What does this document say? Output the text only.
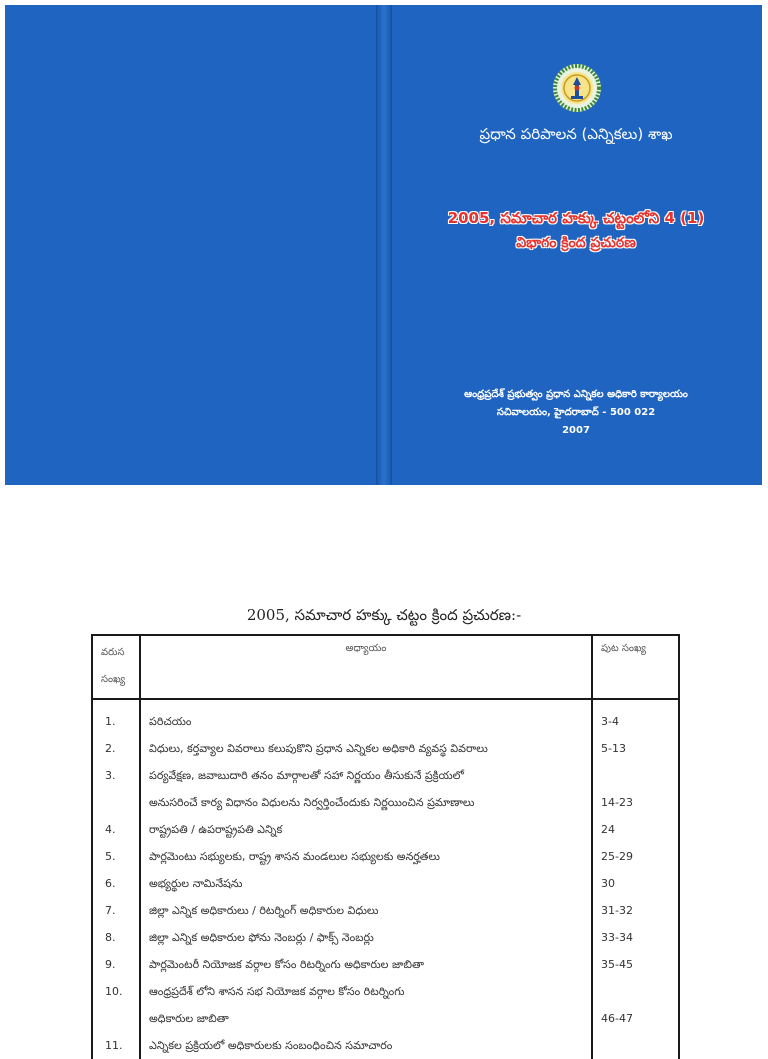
ప్రధాన పరిపాలన (ఎన్నికలు) శాఖ
2005, సమాచార హక్కు చట్టంలోని 4 (1)
విభాగం క్రింద ప్రచురణ
ఆంధ్రప్రదేశ్ ప్రభుత్వం ప్రధాన ఎన్నికల అధికారి కార్యాలయం
సచివాలయం, హైదరాబాద్ - 500 022
2007
2005, సమాచార హక్కు చట్టం క్రింద ప్రచురణ:-
వరుస
సంఖ్య	అధ్యాయం	పుట సంఖ్య

1.	పరిచయం	3-4

2.	విధులు, కర్తవ్యాల వివరాలు కలుపుకొని ప్రధాన ఎన్నికల అధికారి వ్యవస్థ వివరాలు	5-13

3.	పర్యవేక్షణ, జవాబుదారి తనం మార్గాలతో సహా నిర్ణయం తీసుకునే ప్రక్రియలో
అనుసరించే కార్య విధానం విధులను నిర్వర్తించేందుకు నిర్ణయించిన ప్రమాణాలు	14-23

4.	రాష్ట్రపతి / ఉపరాష్ట్రపతి ఎన్నిక	24

5.	పార్లమెంటు సభ్యులకు, రాష్ట్ర శాసన మండలుల సభ్యులకు అనర్హతలు	25-29

6.	అభ్యర్థుల నామినేషను	30

7.	జిల్లా ఎన్నిక అధికారులు / రిటర్నింగ్ అధికారుల విధులు	31-32

8.	జిల్లా ఎన్నిక అధికారుల ఫోను నెంబర్లు / ఫాక్స్ నెంబర్లు	33-34

9.	పార్లమెంటరీ నియోజక వర్గాల కోసం రిటర్నింగు అధికారుల జాబితా	35-45

10.	ఆంధ్రప్రదేశ్ లోని శాసన సభ నియోజక వర్గాల కోసం రిటర్నింగు
అధికారుల జాబితా	46-47

11.	ఎన్నికల ప్రక్రియలో అధికారులకు సంబంధించిన సమాచారం	
